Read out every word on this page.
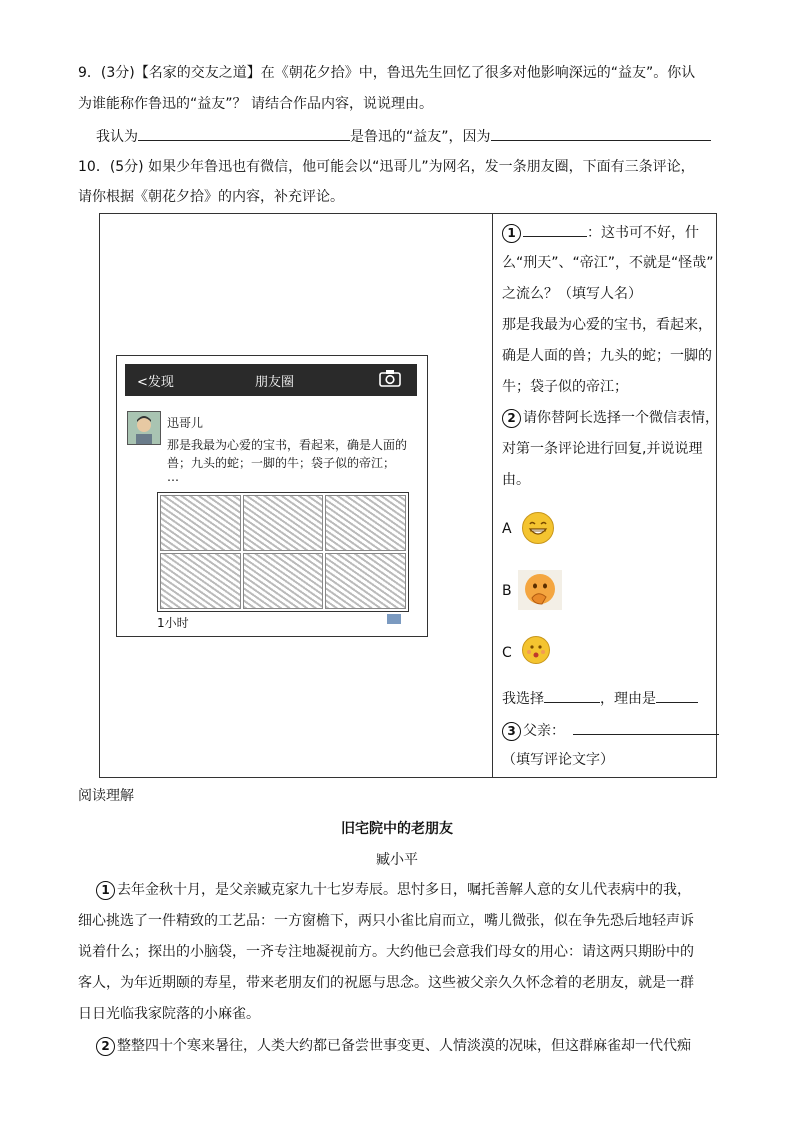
9．(3分)【名家的交友之道】在《朝花夕拾》中，鲁迅先生回忆了很多对他影响深远的“益友”。你认
为谁能称作鲁迅的“益友”？ 请结合作品内容，说说理由。
我认为	是鲁迅的“益友”，因为
10．(5分) 如果少年鲁迅也有微信，他可能会以“迅哥儿”为网名，发一条朋友圈，下面有三条评论，
请你根据《朝花夕拾》的内容，补充评论。
<发现	朋友圈
迅哥儿
那是我最为心爱的宝书，看起来，确是人面的
兽；九头的蛇；一脚的牛；袋子似的帝江；
…
1小时
1	：这书可不好，什
么“刑天”、“帝江”，不就是“怪哉”
之流么？（填写人名）
那是我最为心爱的宝书，看起来，
确是人面的兽；九头的蛇；一脚的
牛；袋子似的帝江；
2 请你替阿长选择一个微信表情，
对第一条评论进行回复,并说说理
由。
A
B
C
我选择	，理由是
3 父亲：
（填写评论文字）
阅读理解
旧宅院中的老朋友
臧小平
1 去年金秋十月，是父亲臧克家九十七岁寿辰。思忖多日，嘱托善解人意的女儿代表病中的我，
细心挑选了一件精致的工艺品：一方窗檐下，两只小雀比肩而立，嘴儿微张，似在争先恐后地轻声诉
说着什么；探出的小脑袋，一齐专注地凝视前方。大约他已会意我们母女的用心：请这两只期盼中的
客人，为年近期颐的寿星，带来老朋友们的祝愿与思念。这些被父亲久久怀念着的老朋友，就是一群
日日光临我家院落的小麻雀。
2 整整四十个寒来暑往，人类大约都已备尝世事变更、人情淡漠的况味，但这群麻雀却一代代痴
